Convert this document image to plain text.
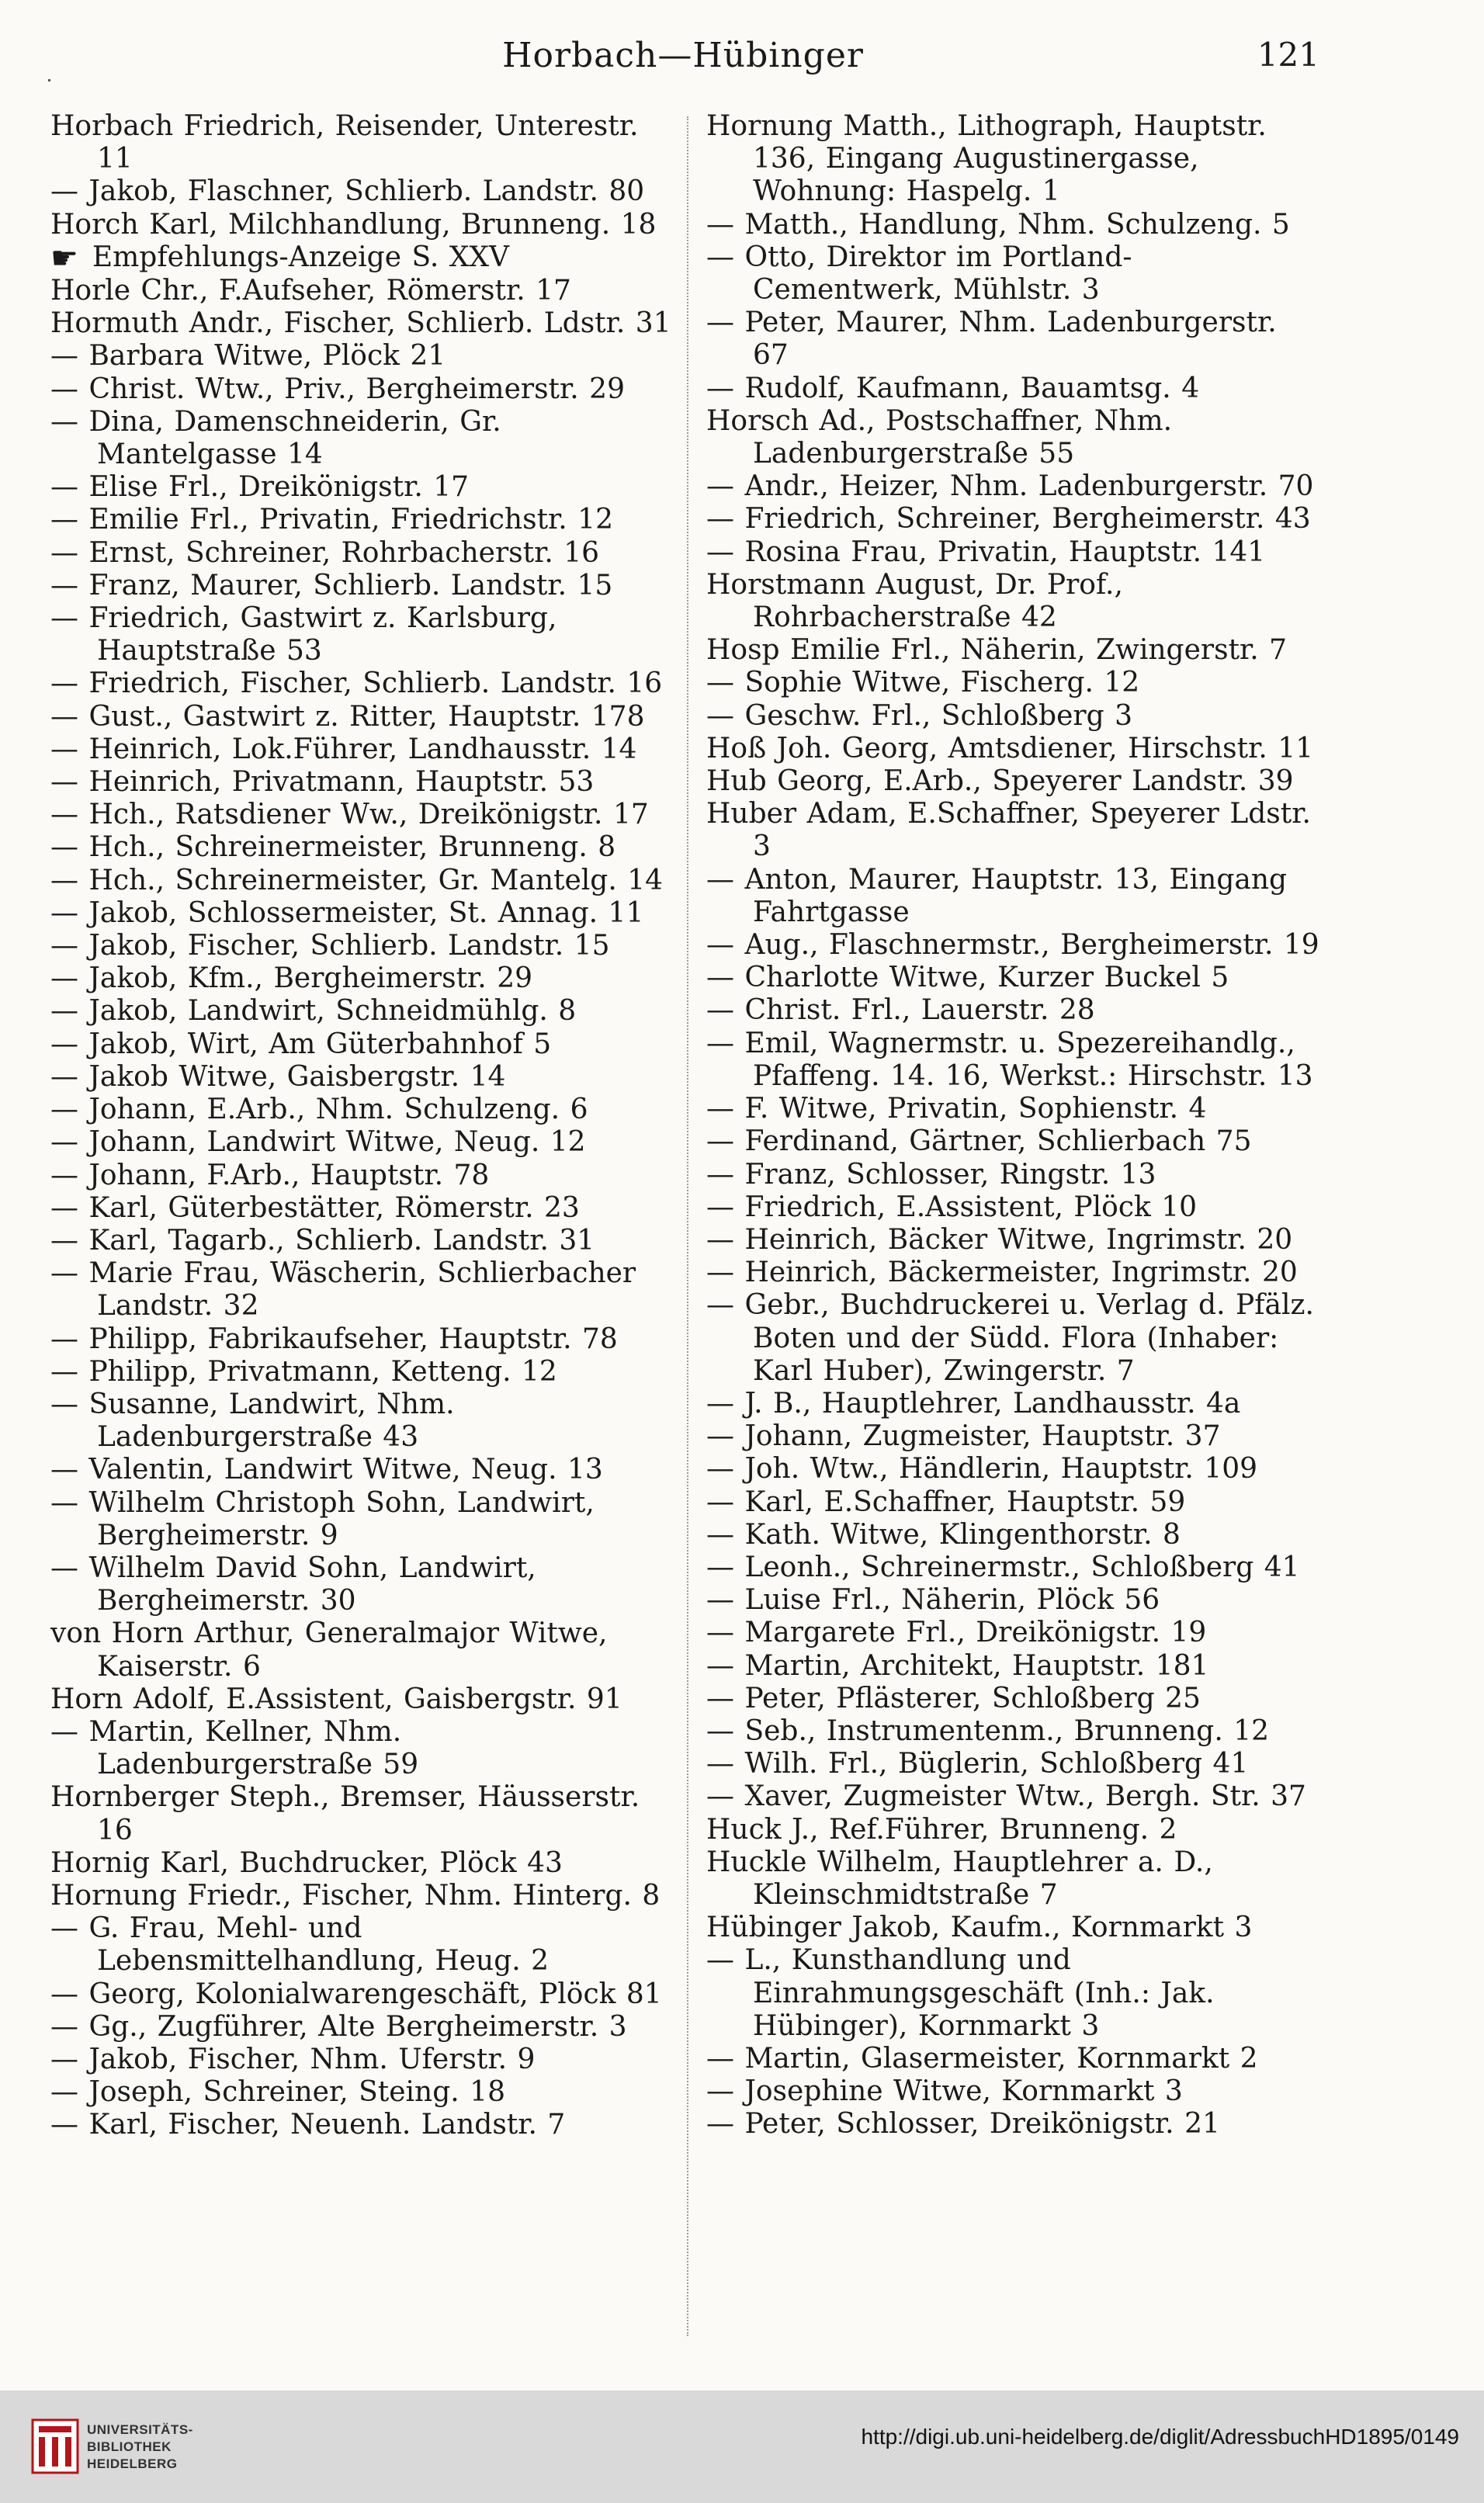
Horbach—Hübinger	121

Horbach Friedrich, Reisender, Unterestr. 11

— Jakob, Flaschner, Schlierb. Landstr. 80

Horch Karl, Milchhandlung, Brunneng. 18

☛ Empfehlungs-Anzeige S. XXV

Horle Chr., F.Aufseher, Römerstr. 17

Hormuth Andr., Fischer, Schlierb. Ldstr. 31

— Barbara Witwe, Plöck 21

— Christ. Wtw., Priv., Bergheimerstr. 29

— Dina, Damenschneiderin, Gr. Mantelgasse 14

— Elise Frl., Dreikönigstr. 17

— Emilie Frl., Privatin, Friedrichstr. 12

— Ernst, Schreiner, Rohrbacherstr. 16

— Franz, Maurer, Schlierb. Landstr. 15

— Friedrich, Gastwirt z. Karlsburg, Hauptstraße 53

— Friedrich, Fischer, Schlierb. Landstr. 16

— Gust., Gastwirt z. Ritter, Hauptstr. 178

— Heinrich, Lok.Führer, Landhausstr. 14

— Heinrich, Privatmann, Hauptstr. 53

— Hch., Ratsdiener Ww., Dreikönigstr. 17

— Hch., Schreinermeister, Brunneng. 8

— Hch., Schreinermeister, Gr. Mantelg. 14

— Jakob, Schlossermeister, St. Annag. 11

— Jakob, Fischer, Schlierb. Landstr. 15

— Jakob, Kfm., Bergheimerstr. 29

— Jakob, Landwirt, Schneidmühlg. 8

— Jakob, Wirt, Am Güterbahnhof 5

— Jakob Witwe, Gaisbergstr. 14

— Johann, E.Arb., Nhm. Schulzeng. 6

— Johann, Landwirt Witwe, Neug. 12

— Johann, F.Arb., Hauptstr. 78

— Karl, Güterbestätter, Römerstr. 23

— Karl, Tagarb., Schlierb. Landstr. 31

— Marie Frau, Wäscherin, Schlierbacher Landstr. 32

— Philipp, Fabrikaufseher, Hauptstr. 78

— Philipp, Privatmann, Ketteng. 12

— Susanne, Landwirt, Nhm. Ladenburgerstraße 43

— Valentin, Landwirt Witwe, Neug. 13

— Wilhelm Christoph Sohn, Landwirt, Bergheimerstr. 9

— Wilhelm David Sohn, Landwirt, Bergheimerstr. 30

von Horn Arthur, Generalmajor Witwe, Kaiserstr. 6

Horn Adolf, E.Assistent, Gaisbergstr. 91

— Martin, Kellner, Nhm. Ladenburgerstraße 59

Hornberger Steph., Bremser, Häusserstr. 16

Hornig Karl, Buchdrucker, Plöck 43

Hornung Friedr., Fischer, Nhm. Hinterg. 8

— G. Frau, Mehl- und Lebensmittelhandlung, Heug. 2

— Georg, Kolonialwarengeschäft, Plöck 81

— Gg., Zugführer, Alte Bergheimerstr. 3

— Jakob, Fischer, Nhm. Uferstr. 9

— Joseph, Schreiner, Steing. 18

— Karl, Fischer, Neuenh. Landstr. 7

Hornung Matth., Lithograph, Hauptstr. 136, Eingang Augustinergasse, Wohnung: Haspelg. 1

— Matth., Handlung, Nhm. Schulzeng. 5

— Otto, Direktor im Portland-Cementwerk, Mühlstr. 3

— Peter, Maurer, Nhm. Ladenburgerstr. 67

— Rudolf, Kaufmann, Bauamtsg. 4

Horsch Ad., Postschaffner, Nhm. Ladenburgerstraße 55

— Andr., Heizer, Nhm. Ladenburgerstr. 70

— Friedrich, Schreiner, Bergheimerstr. 43

— Rosina Frau, Privatin, Hauptstr. 141

Horstmann August, Dr. Prof., Rohrbacherstraße 42

Hosp Emilie Frl., Näherin, Zwingerstr. 7

— Sophie Witwe, Fischerg. 12

— Geschw. Frl., Schloßberg 3

Hoß Joh. Georg, Amtsdiener, Hirschstr. 11

Hub Georg, E.Arb., Speyerer Landstr. 39

Huber Adam, E.Schaffner, Speyerer Ldstr. 3

— Anton, Maurer, Hauptstr. 13, Eingang Fahrtgasse

— Aug., Flaschnermstr., Bergheimerstr. 19

— Charlotte Witwe, Kurzer Buckel 5

— Christ. Frl., Lauerstr. 28

— Emil, Wagnermstr. u. Spezereihandlg., Pfaffeng. 14. 16, Werkst.: Hirschstr. 13

— F. Witwe, Privatin, Sophienstr. 4

— Ferdinand, Gärtner, Schlierbach 75

— Franz, Schlosser, Ringstr. 13

— Friedrich, E.Assistent, Plöck 10

— Heinrich, Bäcker Witwe, Ingrimstr. 20

— Heinrich, Bäckermeister, Ingrimstr. 20

— Gebr., Buchdruckerei u. Verlag d. Pfälz. Boten und der Südd. Flora (Inhaber: Karl Huber), Zwingerstr. 7

— J. B., Hauptlehrer, Landhausstr. 4a

— Johann, Zugmeister, Hauptstr. 37

— Joh. Wtw., Händlerin, Hauptstr. 109

— Karl, E.Schaffner, Hauptstr. 59

— Kath. Witwe, Klingenthorstr. 8

— Leonh., Schreinermstr., Schloßberg 41

— Luise Frl., Näherin, Plöck 56

— Margarete Frl., Dreikönigstr. 19

— Martin, Architekt, Hauptstr. 181

— Peter, Pflästerer, Schloßberg 25

— Seb., Instrumentenm., Brunneng. 12

— Wilh. Frl., Büglerin, Schloßberg 41

— Xaver, Zugmeister Wtw., Bergh. Str. 37

Huck J., Ref.Führer, Brunneng. 2

Huckle Wilhelm, Hauptlehrer a. D., Kleinschmidtstraße 7

Hübinger Jakob, Kaufm., Kornmarkt 3

— L., Kunsthandlung und Einrahmungsgeschäft (Inh.: Jak. Hübinger), Kornmarkt 3

— Martin, Glasermeister, Kornmarkt 2

— Josephine Witwe, Kornmarkt 3

— Peter, Schlosser, Dreikönigstr. 21

UNIVERSITÄTS-
BIBLIOTHEK
HEIDELBERG
http://digi.ub.uni-heidelberg.de/diglit/AdressbuchHD1895/0149
